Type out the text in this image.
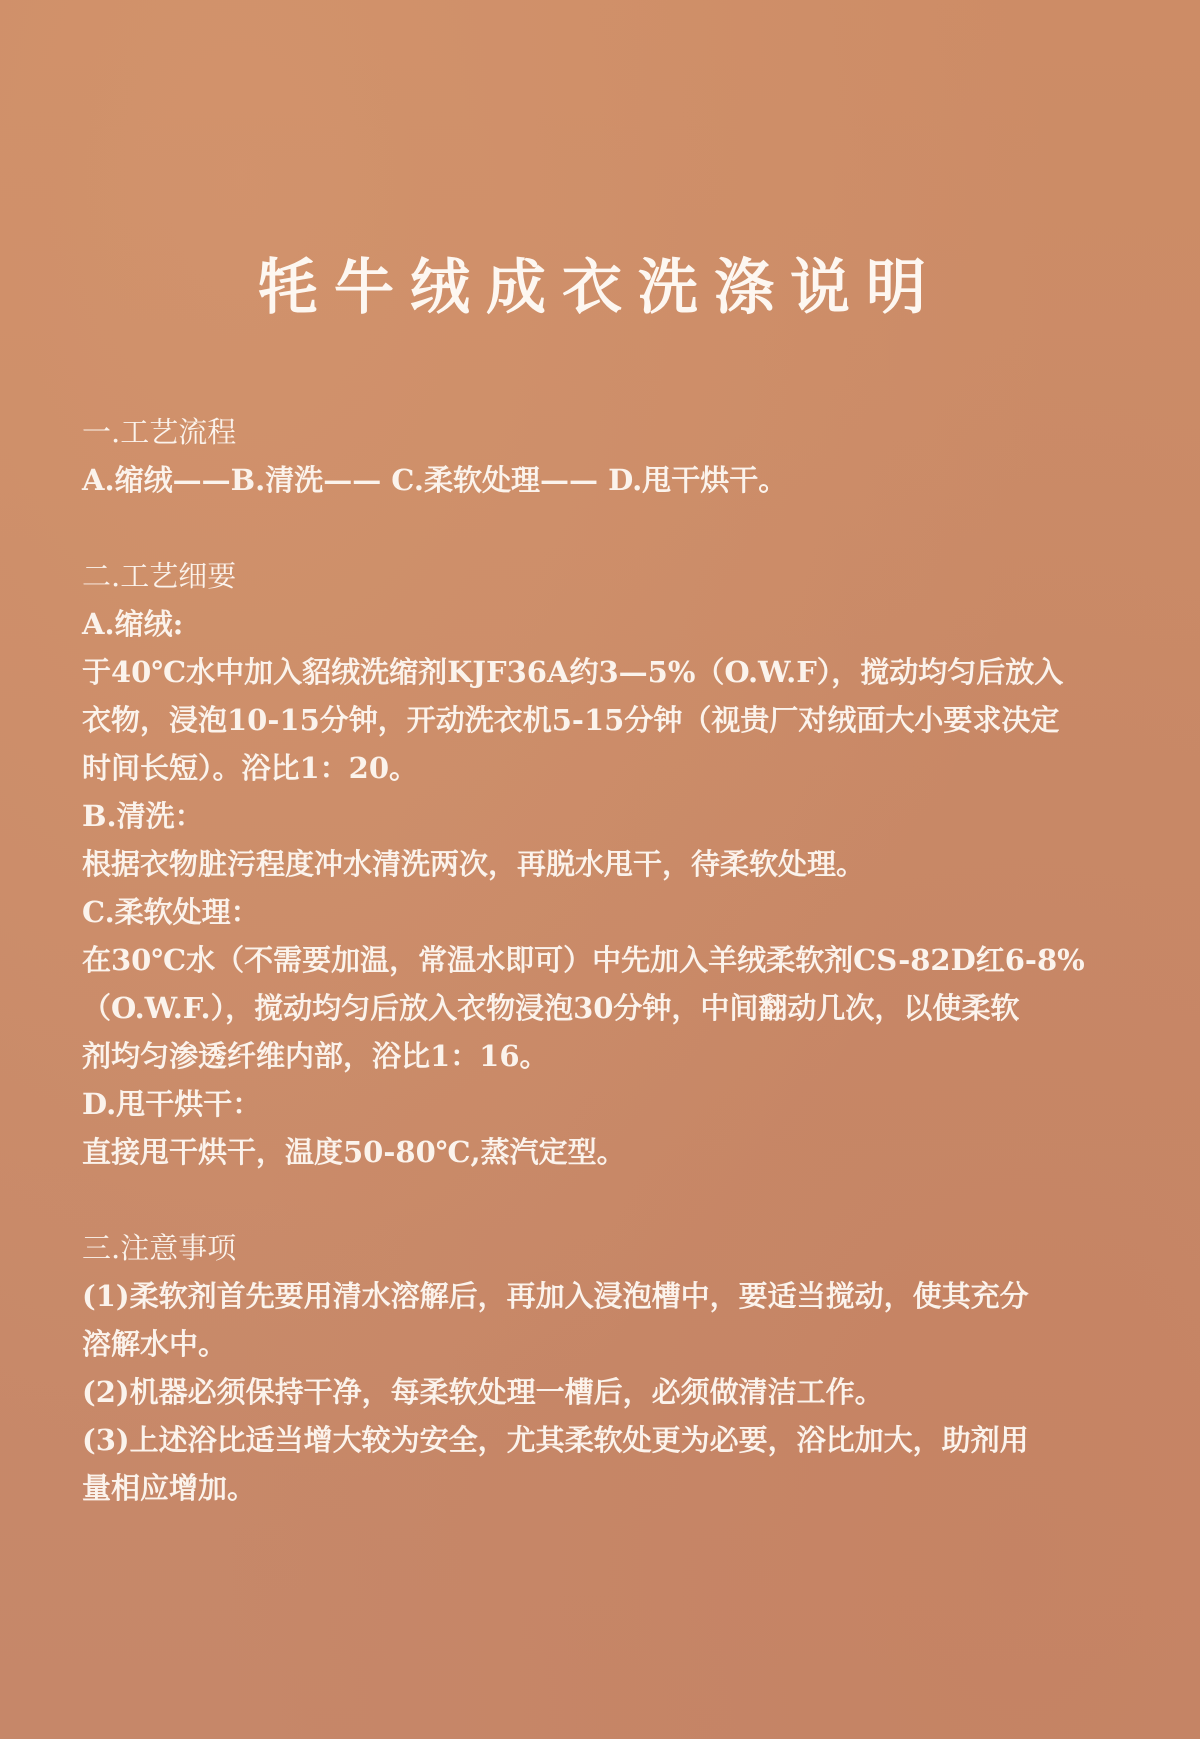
牦牛绒成衣洗涤说明

一.工艺流程

A.缩绒——B.清洗—— C.柔软处理—— D.甩干烘干。

二.工艺细要

A.缩绒:

于40℃水中加入貂绒洗缩剂KJF36A约3—5%（O.W.F），搅动均匀后放入

衣物，浸泡10-15分钟，开动洗衣机5-15分钟（视贵厂对绒面大小要求决定

时间长短）。浴比1：20。

B.清洗：

根据衣物脏污程度冲水清洗两次，再脱水甩干，待柔软处理。

C.柔软处理：

在30℃水（不需要加温，常温水即可）中先加入羊绒柔软剂CS-82D红6-8%

（O.W.F.），搅动均匀后放入衣物浸泡30分钟，中间翻动几次，以使柔软

剂均匀渗透纤维内部，浴比1：16。

D.甩干烘干：

直接甩干烘干，温度50-80℃,蒸汽定型。

三.注意事项

(1)柔软剂首先要用清水溶解后，再加入浸泡槽中，要适当搅动，使其充分

溶解水中。

(2)机器必须保持干净，每柔软处理一槽后，必须做清洁工作。

(3)上述浴比适当增大较为安全，尤其柔软处更为必要，浴比加大，助剂用

量相应增加。
